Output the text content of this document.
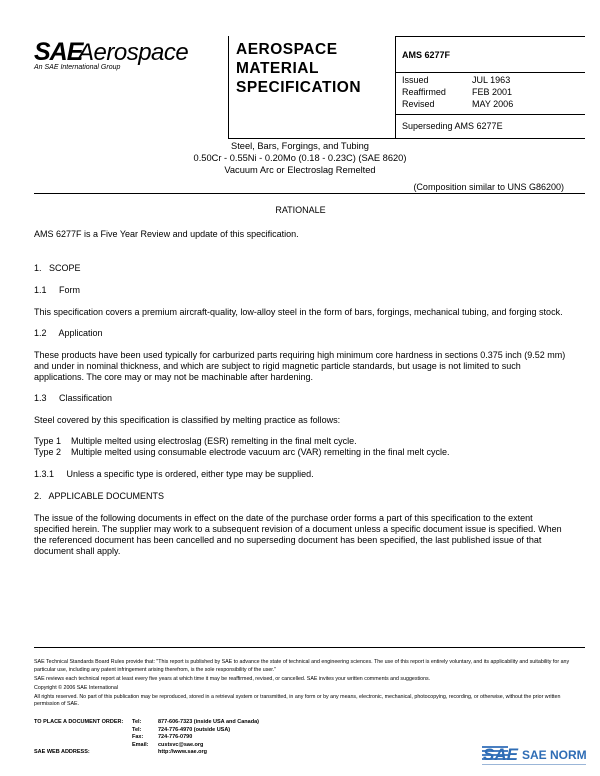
SAE
Aerospace
An SAE International Group
AEROSPACE
MATERIAL
SPECIFICATION
AMS 6277F
Issued	JUL 1963
Reaffirmed	FEB 2001
Revised	MAY 2006
Superseding AMS 6277E
Steel, Bars, Forgings, and Tubing
0.50Cr - 0.55Ni - 0.20Mo (0.18 - 0.23C) (SAE 8620)
Vacuum Arc or Electroslag Remelted
(Composition similar to UNS G86200)

RATIONALE

AMS 6277F is a Five Year Review and update of this specification.

1.   SCOPE

1.1     Form

This specification covers a premium aircraft-quality, low-alloy steel in the form of bars, forgings, mechanical tubing, and forging stock.

1.2     Application

These products have been used typically for carburized parts requiring high minimum core hardness in sections 0.375 inch (9.52 mm) and under in nominal thickness, and which are subject to rigid magnetic particle standards, but usage is not limited to such applications. The core may or may not be machinable after hardening.

1.3     Classification

Steel covered by this specification is classified by melting practice as follows:

Type 1    Multiple melted using electroslag (ESR) remelting in the final melt cycle.

Type 2    Multiple melted using consumable electrode vacuum arc (VAR) remelting in the final melt cycle.

1.3.1     Unless a specific type is ordered, either type may be supplied.

2.   APPLICABLE DOCUMENTS

The issue of the following documents in effect on the date of the purchase order forms a part of this specification to the extent specified herein. The supplier may work to a subsequent revision of a document unless a specific document issue is specified. When the referenced document has been cancelled and no superseding document has been specified, the last published issue of that document shall apply.

SAE Technical Standards Board Rules provide that: "This report is published by SAE to advance the state of technical and engineering sciences. The use of this report is entirely voluntary, and its applicability and suitability for any particular use, including any patent infringement arising therefrom, is the sole responsibility of the user."

SAE reviews each technical report at least every five years at which time it may be reaffirmed, revised, or cancelled. SAE invites your written comments and suggestions.

Copyright © 2006 SAE International

All rights reserved. No part of this publication may be reproduced, stored in a retrieval system or transmitted, in any form or by any means, electronic, mechanical, photocopying, recording, or otherwise, without the prior written permission of SAE.

TO PLACE A DOCUMENT ORDER:	Tel:	877-606-7323 (inside USA and Canada)
	Tel:	724-776-4970 (outside USA)
	Fax:	724-776-0790
	Email:	custsvc@sae.org
SAE WEB ADDRESS:		http://www.sae.org	SAE SAE NORM
